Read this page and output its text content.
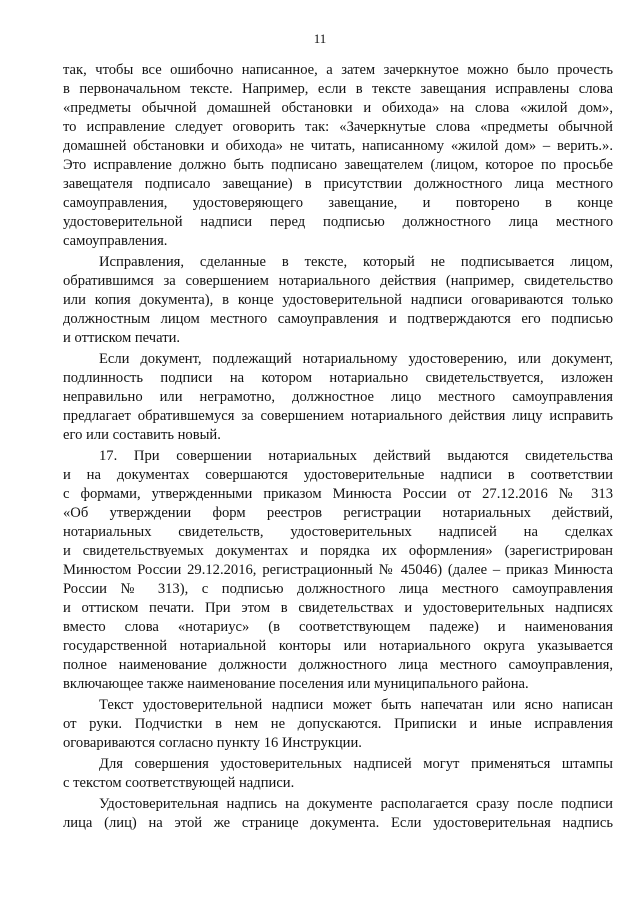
11
так, чтобы все ошибочно написанное, а затем зачеркнутое можно было прочесть
в первоначальном тексте. Например, если в тексте завещания исправлены слова
«предметы обычной домашней обстановки и обихода» на слова «жилой дом»,
то исправление следует оговорить так: «Зачеркнутые слова «предметы обычной
домашней обстановки и обихода» не читать, написанному «жилой дом» – верить.».
Это исправление должно быть подписано завещателем (лицом, которое по просьбе
завещателя подписало завещание) в присутствии должностного лица местного
самоуправления, удостоверяющего завещание, и повторено в конце
удостоверительной надписи перед подписью должностного лица местного
самоуправления.
Исправления, сделанные в тексте, который не подписывается лицом,
обратившимся за совершением нотариального действия (например, свидетельство
или копия документа), в конце удостоверительной надписи оговариваются только
должностным лицом местного самоуправления и подтверждаются его подписью
и оттиском печати.
Если документ, подлежащий нотариальному удостоверению, или документ,
подлинность подписи на котором нотариально свидетельствуется, изложен
неправильно или неграмотно, должностное лицо местного самоуправления
предлагает обратившемуся за совершением нотариального действия лицу исправить
его или составить новый.
17. При совершении нотариальных действий выдаются свидетельства
и на документах совершаются удостоверительные надписи в соответствии
с формами, утвержденными приказом Минюста России от 27.12.2016 № 313
«Об утверждении форм реестров регистрации нотариальных действий,
нотариальных свидетельств, удостоверительных надписей на сделках
и свидетельствуемых документах и порядка их оформления» (зарегистрирован
Минюстом России 29.12.2016, регистрационный № 45046) (далее – приказ Минюста
России № 313), с подписью должностного лица местного самоуправления
и оттиском печати. При этом в свидетельствах и удостоверительных надписях
вместо слова «нотариус» (в соответствующем падеже) и наименования
государственной нотариальной конторы или нотариального округа указывается
полное наименование должности должностного лица местного самоуправления,
включающее также наименование поселения или муниципального района.
Текст удостоверительной надписи может быть напечатан или ясно написан
от руки. Подчистки в нем не допускаются. Приписки и иные исправления
оговариваются согласно пункту 16 Инструкции.
Для совершения удостоверительных надписей могут применяться штампы
с текстом соответствующей надписи.
Удостоверительная надпись на документе располагается сразу после подписи
лица (лиц) на этой же странице документа. Если удостоверительная надпись
